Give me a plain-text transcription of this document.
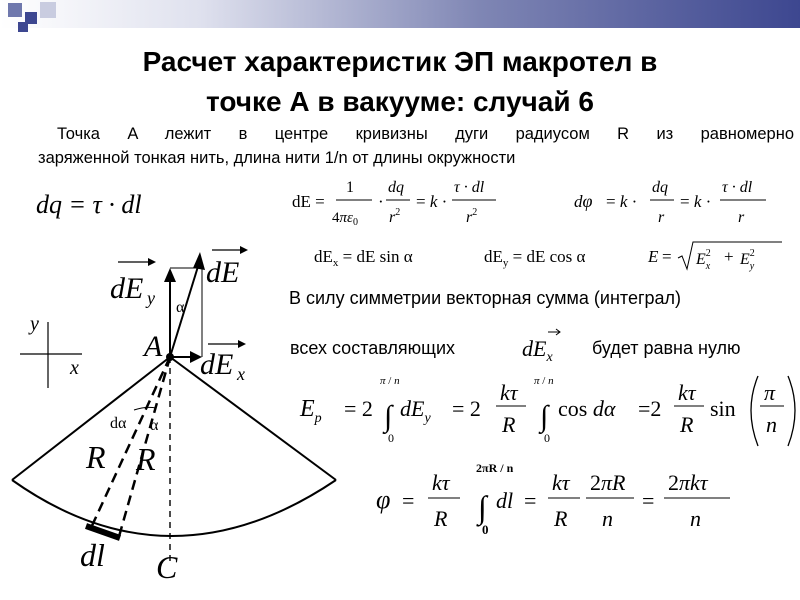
Расчет характеристик ЭП макротел в
точке А в вакууме: случай 6
Точка A лежит в центре кривизны дуги радиусом R из равномерно
заряженной тонкая нить, длина нити 1/n от длины окружности
dq = τ · dl	dE =
1
$4\pi\varepsilon_0$
·
dq
$r^2$
= k ·
τ · dl
$r^2$
dφ = k ·
dq
r
= k ·
τ · dl
r
$dE_x$ = dE sin α	$dE_y$ = dE cos α	$E = E^2$ x
+ $E^2$ y
В силу симметрии векторная сумма (интеграл)
всех составляющих	$dE_x$ будет равна нулю
$E_p = 2$
π / n
∫
0
$dE_y = 2$
kτ
R
π / n
∫
0
cos dα =2
kτ
R
sin
π
n
φ =
kτ
R
2πR / n
∫
0
dl =
kτ
R
2πR
n
=
2πkτ
n
y
x
dE
dE y
dE x
α
A
dα α
R R
dl C
